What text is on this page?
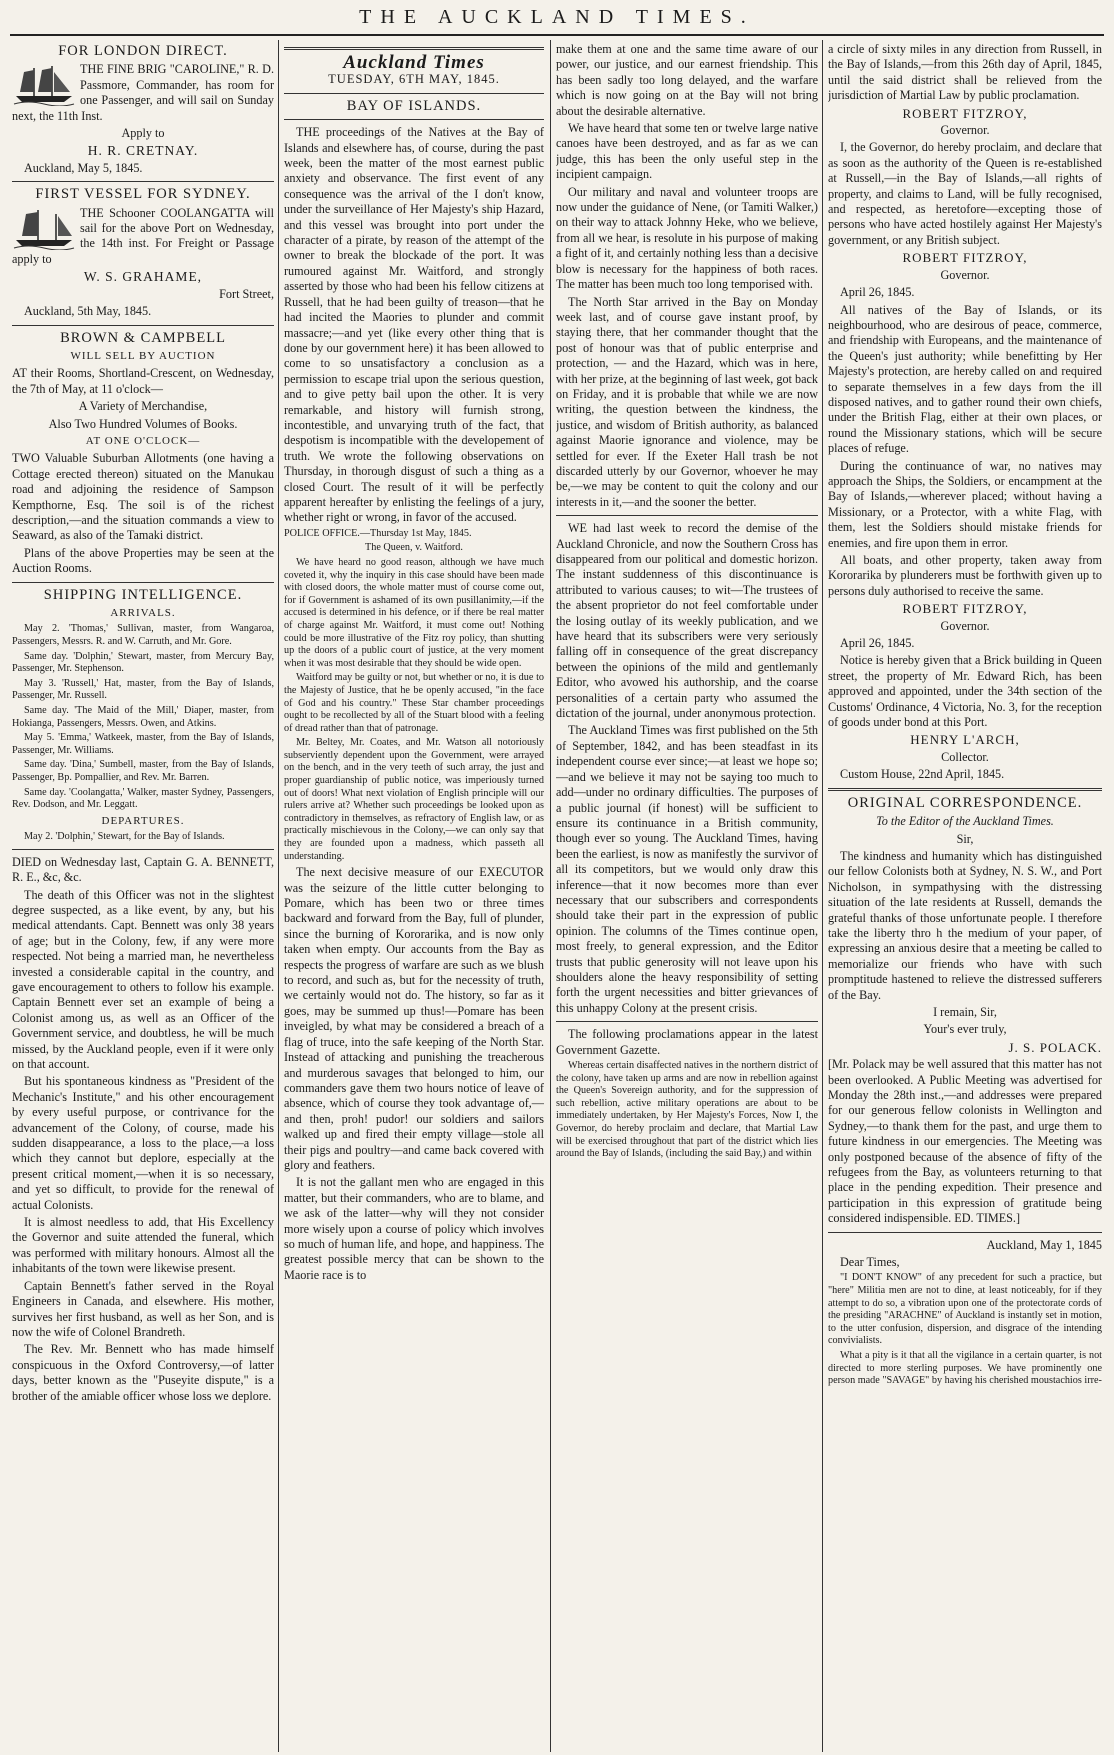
THE AUCKLAND TIMES.
FOR LONDON DIRECT.

THE FINE BRIG "CAROLINE," R. D. Passmore, Commander, has room for one Passenger, and will sail on Sunday next, the 11th Inst.

Apply to

H. R. CRETNAY.

Auckland, May 5, 1845.

FIRST VESSEL FOR SYDNEY.

THE Schooner COOLANGATTA will sail for the above Port on Wednesday, the 14th inst. For Freight or Passage apply to

W. S. GRAHAME,

Fort Street,

Auckland, 5th May, 1845.

BROWN & CAMPBELL
WILL SELL BY AUCTION

AT their Rooms, Shortland-Crescent, on Wednesday, the 7th of May, at 11 o'clock—

A Variety of Merchandise,

Also Two Hundred Volumes of Books.

AT ONE O'CLOCK—

TWO Valuable Suburban Allotments (one having a Cottage erected thereon) situated on the Manukau road and adjoining the residence of Sampson Kempthorne, Esq. The soil is of the richest description,—and the situation commands a view to Seaward, as also of the Tamaki district.

Plans of the above Properties may be seen at the Auction Rooms.

SHIPPING INTELLIGENCE.
ARRIVALS.

May 2. 'Thomas,' Sullivan, master, from Wangaroa, Passengers, Messrs. R. and W. Carruth, and Mr. Gore.

Same day. 'Dolphin,' Stewart, master, from Mercury Bay, Passenger, Mr. Stephenson.

May 3. 'Russell,' Hat, master, from the Bay of Islands, Passenger, Mr. Russell.

Same day. 'The Maid of the Mill,' Diaper, master, from Hokianga, Passengers, Messrs. Owen, and Atkins.

May 5. 'Emma,' Watkeek, master, from the Bay of Islands, Passenger, Mr. Williams.

Same day. 'Dina,' Sumbell, master, from the Bay of Islands, Passenger, Bp. Pompallier, and Rev. Mr. Barren.

Same day. 'Coolangatta,' Walker, master Sydney, Passengers, Rev. Dodson, and Mr. Leggatt.

DEPARTURES.

May 2. 'Dolphin,' Stewart, for the Bay of Islands.

DIED on Wednesday last, Captain G. A. BENNETT, R. E., &c, &c.

The death of this Officer was not in the slightest degree suspected, as a like event, by any, but his medical attendants. Capt. Bennett was only 38 years of age; but in the Colony, few, if any were more respected. Not being a married man, he nevertheless invested a considerable capital in the country, and gave encouragement to others to follow his example. Captain Bennett ever set an example of being a Colonist among us, as well as an Officer of the Government service, and doubtless, he will be much missed, by the Auckland people, even if it were only on that account.

But his spontaneous kindness as "President of the Mechanic's Institute," and his other encouragement by every useful purpose, or contrivance for the advancement of the Colony, of course, made his sudden disappearance, a loss to the place,—a loss which they cannot but deplore, especially at the present critical moment,—when it is so necessary, and yet so difficult, to provide for the renewal of actual Colonists.

It is almost needless to add, that His Excellency the Governor and suite attended the funeral, which was performed with military honours. Almost all the inhabitants of the town were likewise present.

Captain Bennett's father served in the Royal Engineers in Canada, and elsewhere. His mother, survives her first husband, as well as her Son, and is now the wife of Colonel Brandreth.

The Rev. Mr. Bennett who has made himself conspicuous in the Oxford Controversy,—of latter days, better known as the "Puseyite dispute," is a brother of the amiable officer whose loss we deplore.

Auckland Times
TUESDAY, 6TH MAY, 1845.
BAY OF ISLANDS.

THE proceedings of the Natives at the Bay of Islands and elsewhere has, of course, during the past week, been the matter of the most earnest public anxiety and observance. The first event of any consequence was the arrival of the I don't know, under the surveillance of Her Majesty's ship Hazard, and this vessel was brought into port under the character of a pirate, by reason of the attempt of the owner to break the blockade of the port. It was rumoured against Mr. Waitford, and strongly asserted by those who had been his fellow citizens at Russell, that he had been guilty of treason—that he had incited the Maories to plunder and commit massacre;—and yet (like every other thing that is done by our government here) it has been allowed to come to so unsatisfactory a conclusion as a permission to escape trial upon the serious question, and to give petty bail upon the other. It is very remarkable, and history will furnish strong, incontestible, and unvarying truth of the fact, that despotism is incompatible with the developement of truth. We wrote the following observations on Thursday, in thorough disgust of such a thing as a closed Court. The result of it will be perfectly apparent hereafter by enlisting the feelings of a jury, whether right or wrong, in favor of the accused.

POLICE OFFICE.—Thursday 1st May, 1845.

The Queen, v. Waitford.

We have heard no good reason, although we have much coveted it, why the inquiry in this case should have been made with closed doors, the whole matter must of course come out, for if Government is ashamed of its own pusillanimity,—if the accused is determined in his defence, or if there be real matter of charge against Mr. Waitford, it must come out! Nothing could be more illustrative of the Fitz roy policy, than shutting up the doors of a public court of justice, at the very moment when it was most desirable that they should be wide open.

Waitford may be guilty or not, but whether or no, it is due to the Majesty of Justice, that he be openly accused, "in the face of God and his country." These Star chamber proceedings ought to be recollected by all of the Stuart blood with a feeling of dread rather than that of patronage.

Mr. Beltey, Mr. Coates, and Mr. Watson all notoriously subserviently dependent upon the Government, were arrayed on the bench, and in the very teeth of such array, the just and proper guardianship of public notice, was imperiously turned out of doors! What next violation of English principle will our rulers arrive at? Whether such proceedings be looked upon as contradictory in themselves, as refractory of English law, or as practically mischievous in the Colony,—we can only say that they are founded upon a madness, which passeth all understanding.

The next decisive measure of our EXECUTOR was the seizure of the little cutter belonging to Pomare, which has been two or three times backward and forward from the Bay, full of plunder, since the burning of Kororarika, and is now only taken when empty. Our accounts from the Bay as respects the progress of warfare are such as we blush to record, and such as, but for the necessity of truth, we certainly would not do. The history, so far as it goes, may be summed up thus!—Pomare has been inveigled, by what may be considered a breach of a flag of truce, into the safe keeping of the North Star. Instead of attacking and punishing the treacherous and murderous savages that belonged to him, our commanders gave them two hours notice of leave of absence, which of course they took advantage of,—and then, proh! pudor! our soldiers and sailors walked up and fired their empty village—stole all their pigs and poultry—and came back covered with glory and feathers.

It is not the gallant men who are engaged in this matter, but their commanders, who are to blame, and we ask of the latter—why will they not consider more wisely upon a course of policy which involves so much of human life, and hope, and happiness. The greatest possible mercy that can be shown to the Maorie race is to

make them at one and the same time aware of our power, our justice, and our earnest friendship. This has been sadly too long delayed, and the warfare which is now going on at the Bay will not bring about the desirable alternative.

We have heard that some ten or twelve large native canoes have been destroyed, and as far as we can judge, this has been the only useful step in the incipient campaign.

Our military and naval and volunteer troops are now under the guidance of Nene, (or Tamiti Walker,) on their way to attack Johnny Heke, who we believe, from all we hear, is resolute in his purpose of making a fight of it, and certainly nothing less than a decisive blow is necessary for the happiness of both races. The matter has been much too long temporised with.

The North Star arrived in the Bay on Monday week last, and of course gave instant proof, by staying there, that her commander thought that the post of honour was that of public enterprise and protection, — and the Hazard, which was in here, with her prize, at the beginning of last week, got back on Friday, and it is probable that while we are now writing, the question between the kindness, the justice, and wisdom of British authority, as balanced against Maorie ignorance and violence, may be settled for ever. If the Exeter Hall trash be not discarded utterly by our Governor, whoever he may be,—we may be content to quit the colony and our interests in it,—and the sooner the better.

WE had last week to record the demise of the Auckland Chronicle, and now the Southern Cross has disappeared from our political and domestic horizon. The instant suddenness of this discontinuance is attributed to various causes; to wit—The trustees of the absent proprietor do not feel comfortable under the losing outlay of its weekly publication, and we have heard that its subscribers were very seriously falling off in consequence of the great discrepancy between the opinions of the mild and gentlemanly Editor, who avowed his authorship, and the coarse personalities of a certain party who assumed the dictation of the journal, under anonymous protection.

The Auckland Times was first published on the 5th of September, 1842, and has been steadfast in its independent course ever since;—at least we hope so;—and we believe it may not be saying too much to add—under no ordinary difficulties. The purposes of a public journal (if honest) will be sufficient to ensure its continuance in a British community, though ever so young. The Auckland Times, having been the earliest, is now as manifestly the survivor of all its competitors, but we would only draw this inference—that it now becomes more than ever necessary that our subscribers and correspondents should take their part in the expression of public opinion. The columns of the Times continue open, most freely, to general expression, and the Editor trusts that public generosity will not leave upon his shoulders alone the heavy responsibility of setting forth the urgent necessities and bitter grievances of this unhappy Colony at the present crisis.

The following proclamations appear in the latest Government Gazette.

Whereas certain disaffected natives in the northern district of the colony, have taken up arms and are now in rebellion against the Queen's Sovereign authority, and for the suppression of such rebellion, active military operations are about to be immediately undertaken, by Her Majesty's Forces, Now I, the Governor, do hereby proclaim and declare, that Martial Law will be exercised throughout that part of the district which lies around the Bay of Islands, (including the said Bay,) and within

a circle of sixty miles in any direction from Russell, in the Bay of Islands,—from this 26th day of April, 1845, until the said district shall be relieved from the jurisdiction of Martial Law by public proclamation.

ROBERT FITZROY,

Governor.

I, the Governor, do hereby proclaim, and declare that as soon as the authority of the Queen is re-established at Russell,—in the Bay of Islands,—all rights of property, and claims to Land, will be fully recognised, and respected, as heretofore—excepting those of persons who have acted hostilely against Her Majesty's government, or any British subject.

ROBERT FITZROY,

Governor.

April 26, 1845.

All natives of the Bay of Islands, or its neighbourhood, who are desirous of peace, commerce, and friendship with Europeans, and the maintenance of the Queen's just authority; while benefitting by Her Majesty's protection, are hereby called on and required to separate themselves in a few days from the ill disposed natives, and to gather round their own chiefs, under the British Flag, either at their own places, or round the Missionary stations, which will be secure places of refuge.

During the continuance of war, no natives may approach the Ships, the Soldiers, or encampment at the Bay of Islands,—wherever placed; without having a Missionary, or a Protector, with a white Flag, with them, lest the Soldiers should mistake friends for enemies, and fire upon them in error.

All boats, and other property, taken away from Kororarika by plunderers must be forthwith given up to persons duly authorised to receive the same.

ROBERT FITZROY,

Governor.

April 26, 1845.

Notice is hereby given that a Brick building in Queen street, the property of Mr. Edward Rich, has been approved and appointed, under the 34th section of the Customs' Ordinance, 4 Victoria, No. 3, for the reception of goods under bond at this Port.

HENRY L'ARCH,

Collector.

Custom House, 22nd April, 1845.

ORIGINAL CORRESPONDENCE.

To the Editor of the Auckland Times.

Sir,

The kindness and humanity which has distinguished our fellow Colonists both at Sydney, N. S. W., and Port Nicholson, in sympathysing with the distressing situation of the late residents at Russell, demands the grateful thanks of those unfortunate people. I therefore take the liberty thro h the medium of your paper, of expressing an anxious desire that a meeting be called to memorialize our friends who have with such promptitude hastened to relieve the distressed sufferers of the Bay.

I remain, Sir,

Your's ever truly,

J. S. POLACK.

[Mr. Polack may be well assured that this matter has not been overlooked. A Public Meeting was advertised for Monday the 28th inst.,—and addresses were prepared for our generous fellow colonists in Wellington and Sydney,—to thank them for the past, and urge them to future kindness in our emergencies. The Meeting was only postponed because of the absence of fifty of the refugees from the Bay, as volunteers returning to that place in the pending expedition. Their presence and participation in this expression of gratitude being considered indispensible. ED. TIMES.]

Auckland, May 1, 1845

Dear Times,

"I DON'T KNOW" of any precedent for such a practice, but "here" Militia men are not to dine, at least noticeably, for if they attempt to do so, a vibration upon one of the protectorate cords of the presiding "ARACHNE" of Auckland is instantly set in motion, to the utter confusion, dispersion, and disgrace of the intending convivialists.

What a pity is it that all the vigilance in a certain quarter, is not directed to more sterling purposes. We have prominently one person made "SAVAGE" by having his cherished moustachios irre-
